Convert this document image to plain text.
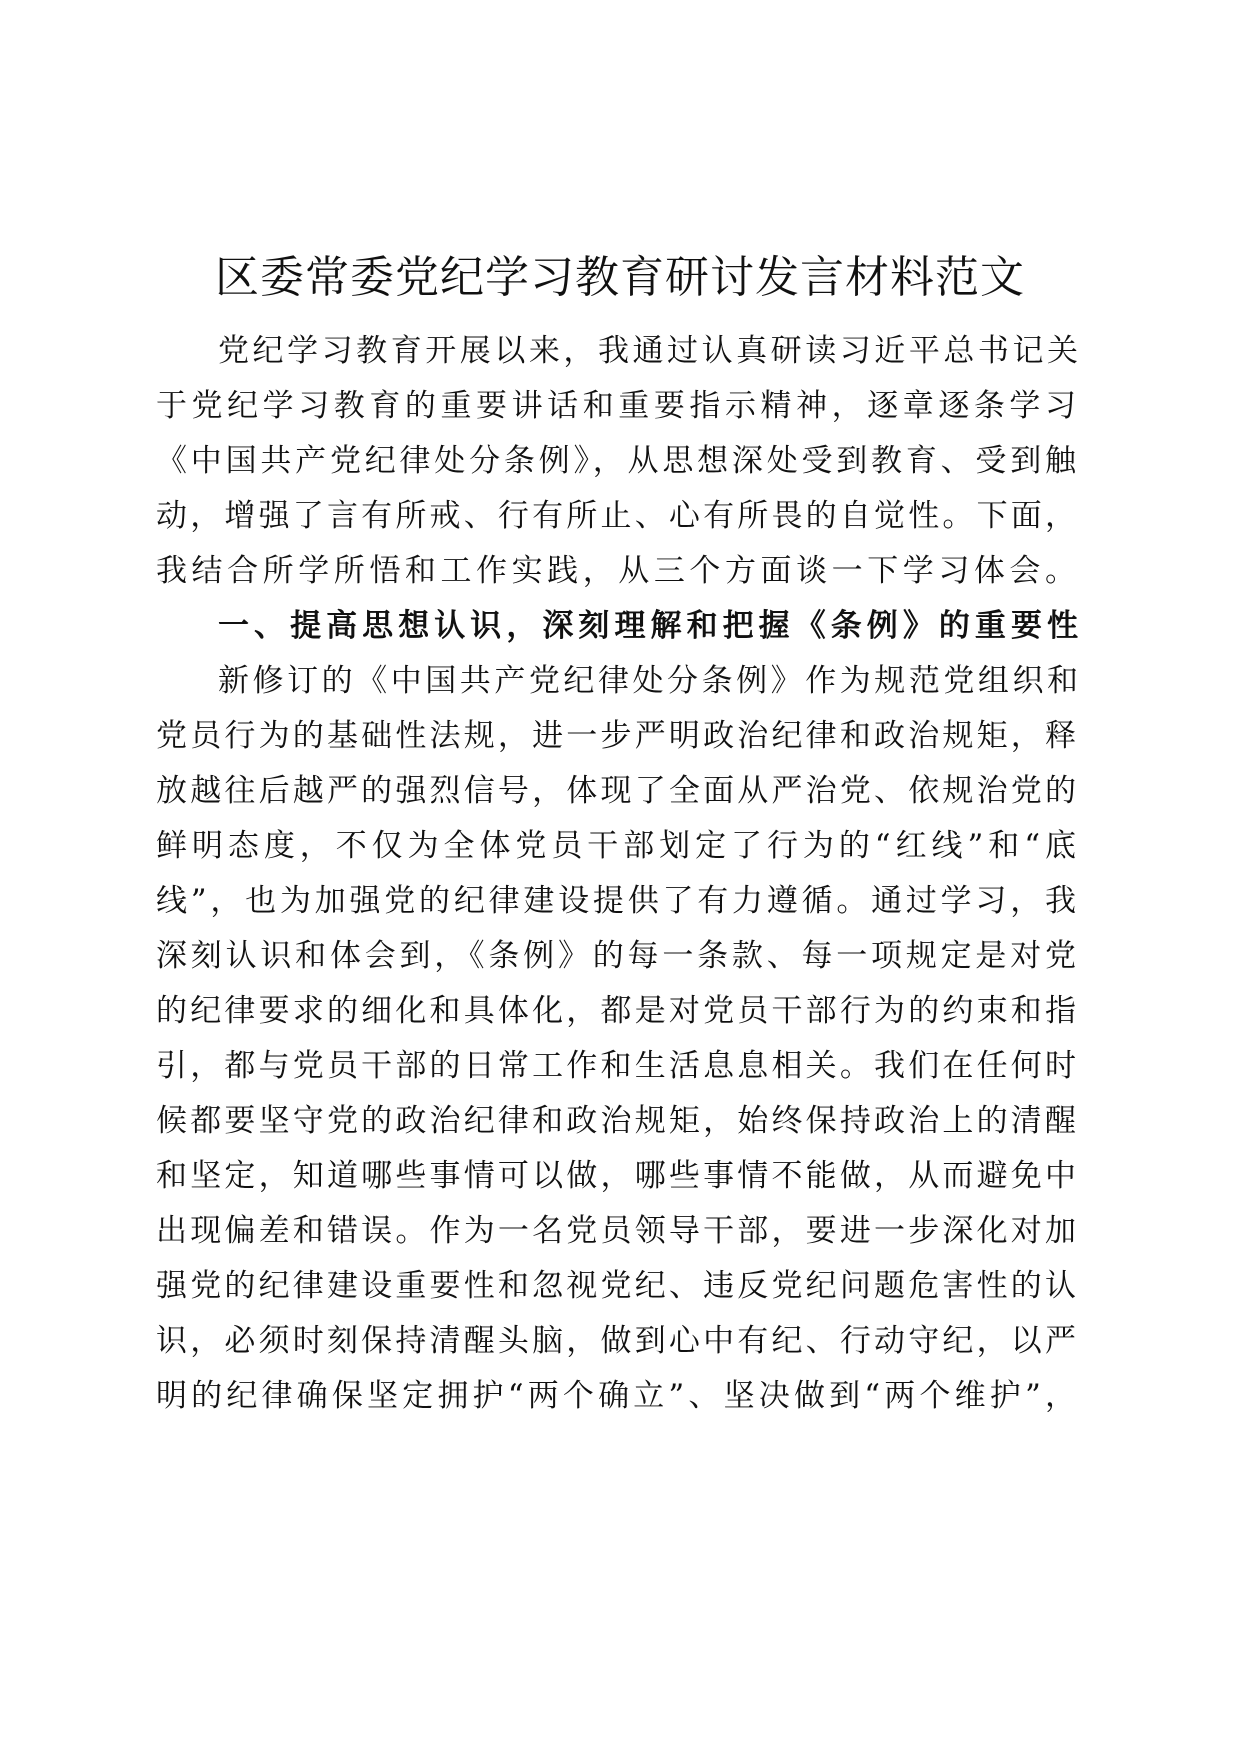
区委常委党纪学习教育研讨发言材料范文
党纪学习教育开展以来，我通过认真研读习近平总书记关
于党纪学习教育的重要讲话和重要指示精神，逐章逐条学习
《中国共产党纪律处分条例》，从思想深处受到教育、受到触
动，增强了言有所戒、行有所止、心有所畏的自觉性。下面，
我结合所学所悟和工作实践，从三个方面谈一下学习体会。
一、提高思想认识，深刻理解和把握《条例》的重要性
新修订的《中国共产党纪律处分条例》作为规范党组织和
党员行为的基础性法规，进一步严明政治纪律和政治规矩，释
放越往后越严的强烈信号，体现了全面从严治党、依规治党的
鲜明态度，不仅为全体党员干部划定了行为的“红线”和“底
线”，也为加强党的纪律建设提供了有力遵循。通过学习，我
深刻认识和体会到，《条例》的每一条款、每一项规定是对党
的纪律要求的细化和具体化，都是对党员干部行为的约束和指
引，都与党员干部的日常工作和生活息息相关。我们在任何时
候都要坚守党的政治纪律和政治规矩，始终保持政治上的清醒
和坚定，知道哪些事情可以做，哪些事情不能做，从而避免中
出现偏差和错误。作为一名党员领导干部，要进一步深化对加
强党的纪律建设重要性和忽视党纪、违反党纪问题危害性的认
识，必须时刻保持清醒头脑，做到心中有纪、行动守纪，以严
明的纪律确保坚定拥护“两个确立”、坚决做到“两个维护”，
